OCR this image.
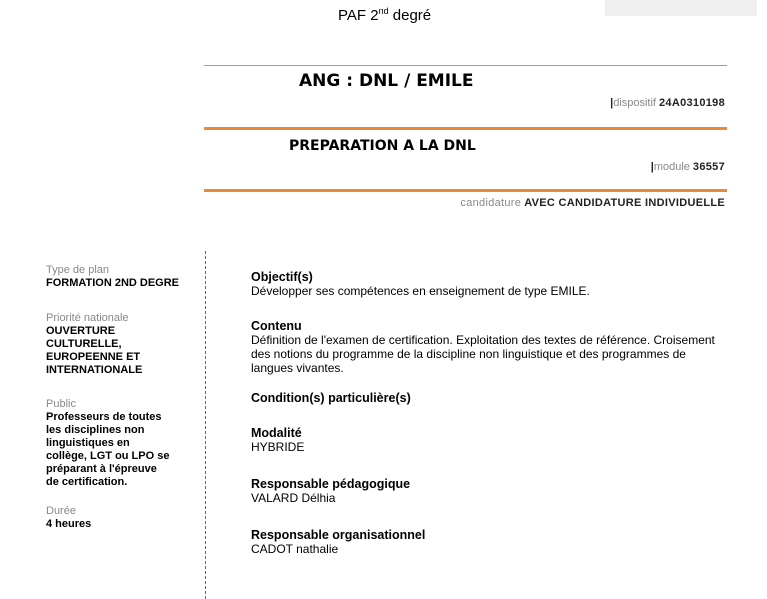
PAF 2nd degré
ANG : DNL / EMILE
|dispositif 24A0310198
PREPARATION A LA DNL
|module 36557
candidature AVEC CANDIDATURE INDIVIDUELLE
Type de plan
FORMATION 2ND DEGRE
Priorité nationale
OUVERTURE CULTURELLE, EUROPEENNE ET INTERNATIONALE
Public
Professeurs de toutes les disciplines non linguistiques en collège, LGT ou LPO se préparant à l'épreuve de certification.
Durée
4 heures
Objectif(s)
Développer ses compétences en enseignement de type EMILE.
Contenu
Définition de l'examen de certification. Exploitation des textes de référence. Croisement des notions du programme de la discipline non linguistique et des programmes de langues vivantes.
Condition(s) particulière(s)
Modalité
HYBRIDE
Responsable pédagogique
VALARD Délhia
Responsable organisationnel
CADOT nathalie
